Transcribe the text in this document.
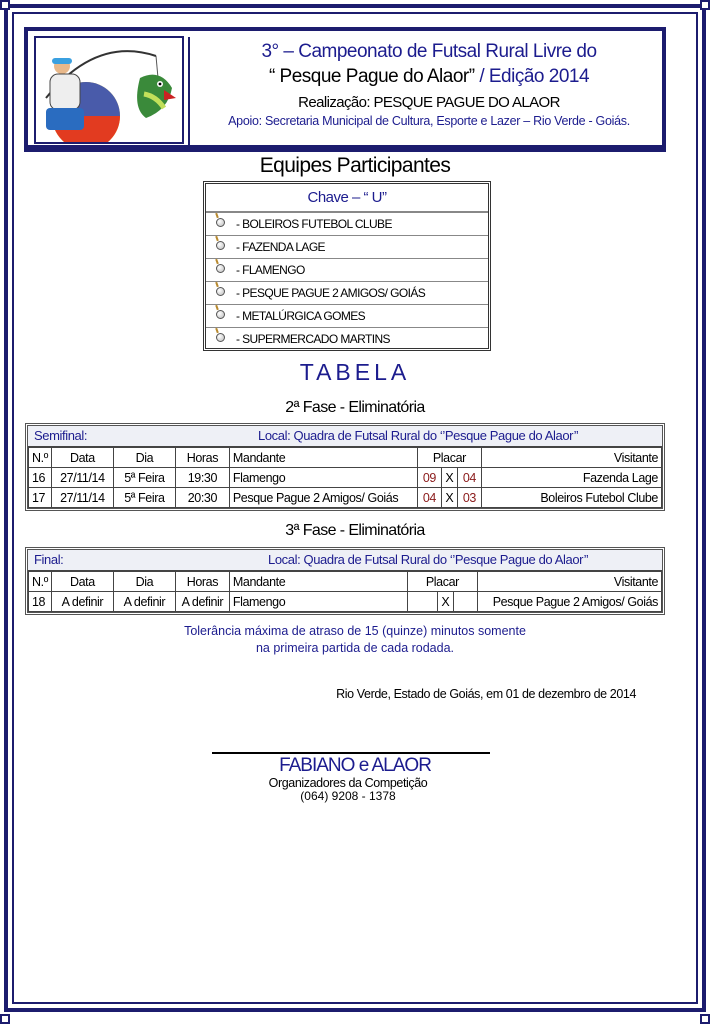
3° – Campeonato de Futsal Rural Livre do
“ Pesque Pague do Alaor” / Edição 2014
Realização: PESQUE PAGUE DO ALAOR
Apoio: Secretaria Municipal de Cultura, Esporte e Lazer – Rio Verde - Goiás.
Equipes Participantes
Chave – “ U”
- BOLEIROS FUTEBOL CLUBE
- FAZENDA LAGE
- FLAMENGO
- PESQUE PAGUE 2 AMIGOS/ GOIÁS
- METALÚRGICA GOMES
- SUPERMERCADO MARTINS
TABELA
2ª Fase - Eliminatória
Semifinal:	Local: Quadra de Futsal Rural do ‘’Pesque Pague do Alaor’’
N.º	Data	Dia	Horas	Mandante	Placar			Visitante
16	27/11/14	5ª Feira	19:30	Flamengo	09	X	04	Fazenda Lage
17	27/11/14	5ª Feira	20:30	Pesque Pague 2 Amigos/ Goiás	04	X	03	Boleiros Futebol Clube
3ª Fase - Eliminatória
Final:	Local: Quadra de Futsal Rural do ‘’Pesque Pague do Alaor’’
N.º	Data	Dia	Horas	Mandante	Placar			Visitante
18	A definir	A definir	A definir	Flamengo		X		Pesque Pague 2 Amigos/ Goiás
Tolerância máxima de atraso de 15 (quinze) minutos somente
na primeira partida de cada rodada.
Rio Verde, Estado de Goiás, em 01 de dezembro de 2014
FABIANO e ALAOR
Organizadores da Competição
(064) 9208 - 1378
